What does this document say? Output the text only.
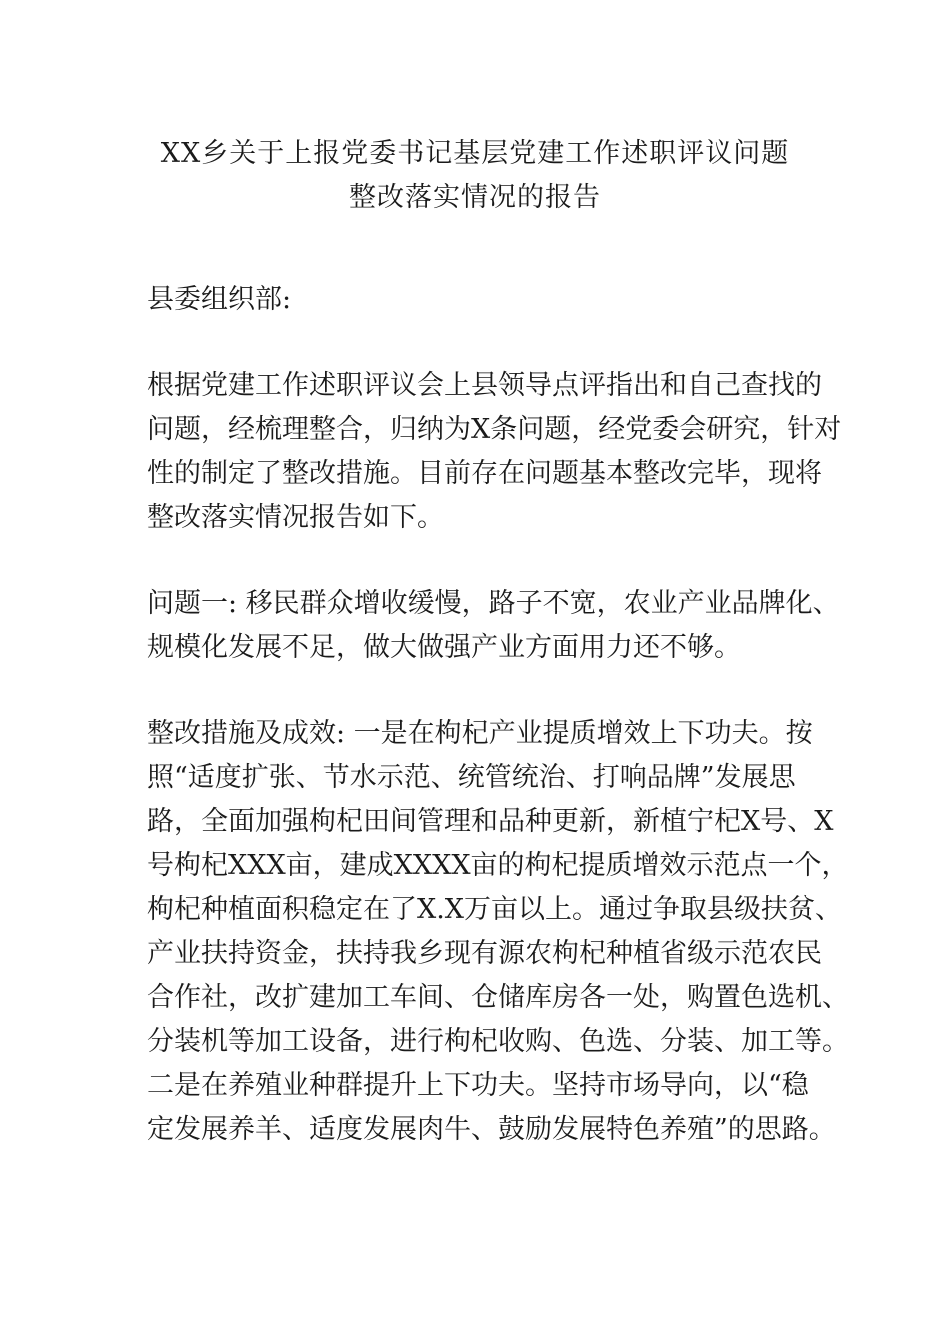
XX乡关于上报党委书记基层党建工作述职评议问题
整改落实情况的报告
县委组织部:
根据党建工作述职评议会上县领导点评指出和自己查找的
问题，经梳理整合，归纳为X条问题，经党委会研究，针对
性的制定了整改措施。目前存在问题基本整改完毕，现将
整改落实情况报告如下。
问题一: 移民群众增收缓慢，路子不宽，农业产业品牌化、
规模化发展不足，做大做强产业方面用力还不够。
整改措施及成效: 一是在枸杞产业提质增效上下功夫。按
照“适度扩张、节水示范、统管统治、打响品牌”发展思
路，全面加强枸杞田间管理和品种更新，新植宁杞X号、X
号枸杞XXX亩，建成XXXX亩的枸杞提质增效示范点一个，
枸杞种植面积稳定在了X.X万亩以上。通过争取县级扶贫、
产业扶持资金，扶持我乡现有源农枸杞种植省级示范农民
合作社，改扩建加工车间、仓储库房各一处，购置色选机、
分装机等加工设备，进行枸杞收购、色选、分装、加工等。
二是在养殖业种群提升上下功夫。坚持市场导向，以“稳
定发展养羊、适度发展肉牛、鼓励发展特色养殖”的思路。
